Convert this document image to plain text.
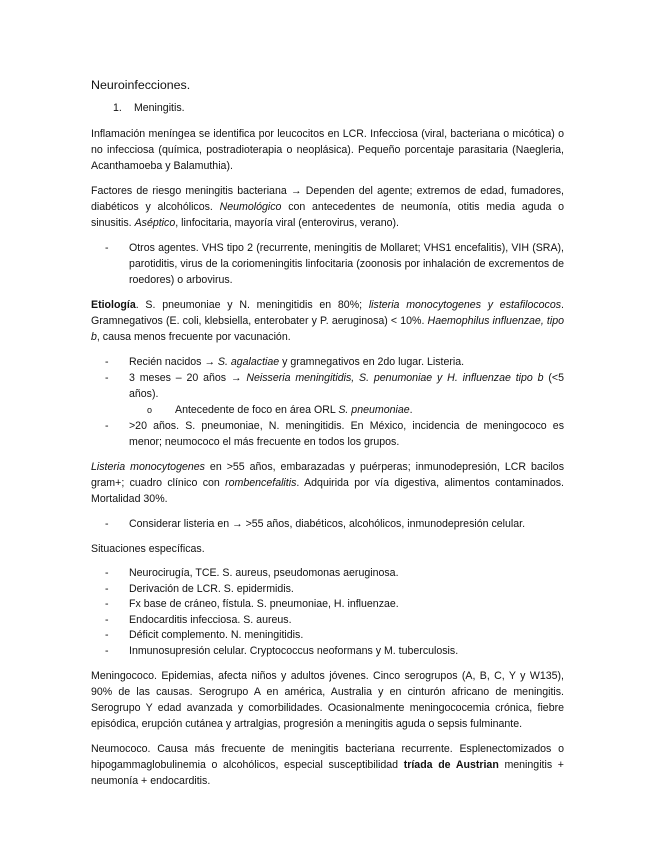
Neuroinfecciones.
1. Meningitis.

Inflamación meníngea se identifica por leucocitos en LCR. Infecciosa (viral, bacteriana o micótica) o no infecciosa (química, postradioterapia o neoplásica). Pequeño porcentaje parasitaria (Naegleria, Acanthamoeba y Balamuthia).

Factores de riesgo meningitis bacteriana → Dependen del agente; extremos de edad, fumadores, diabéticos y alcohólicos. Neumológico con antecedentes de neumonía, otitis media aguda o sinusitis. Aséptico, linfocitaria, mayoría viral (enterovirus, verano).

- Otros agentes. VHS tipo 2 (recurrente, meningitis de Mollaret; VHS1 encefalitis), VIH (SRA), parotiditis, virus de la coriomeningitis linfocitaria (zoonosis por inhalación de excrementos de roedores) o arbovirus.

Etiología. S. pneumoniae y N. meningitidis en 80%; listeria monocytogenes y estafilococos. Gramnegativos (E. coli, klebsiella, enterobater y P. aeruginosa) < 10%. Haemophilus influenzae, tipo b, causa menos frecuente por vacunación.

- Recién nacidos → S. agalactiae y gramnegativos en 2do lugar. Listeria.
- 3 meses – 20 años → Neisseria meningitidis, S. penumoniae y H. influenzae tipo b (<5 años).
o	Antecedente de foco en área ORL S. pneumoniae.
- >20 años. S. pneumoniae, N. meningitidis. En México, incidencia de meningococo es menor; neumococo el más frecuente en todos los grupos.

Listeria monocytogenes en >55 años, embarazadas y puérperas; inmunodepresión, LCR bacilos gram+; cuadro clínico con rombencefalitis. Adquirida por vía digestiva, alimentos contaminados. Mortalidad 30%.

- Considerar listeria en → >55 años, diabéticos, alcohólicos, inmunodepresión celular.

Situaciones específicas.

- Neurocirugía, TCE. S. aureus, pseudomonas aeruginosa.
- Derivación de LCR. S. epidermidis.
- Fx base de cráneo, fístula. S. pneumoniae, H. influenzae.
- Endocarditis infecciosa. S. aureus.
- Déficit complemento. N. meningitidis.
- Inmunosupresión celular. Cryptococcus neoformans y M. tuberculosis.

Meningococo. Epidemias, afecta niños y adultos jóvenes. Cinco serogrupos (A, B, C, Y y W135), 90% de las causas. Serogrupo A en américa, Australia y en cinturón africano de meningitis. Serogrupo Y edad avanzada y comorbilidades. Ocasionalmente meningococemia crónica, fiebre episódica, erupción cutánea y artralgias, progresión a meningitis aguda o sepsis fulminante.

Neumococo. Causa más frecuente de meningitis bacteriana recurrente. Esplenectomizados o hipogammaglobulinemia o alcohólicos, especial susceptibilidad tríada de Austrian meningitis + neumonía + endocarditis.
